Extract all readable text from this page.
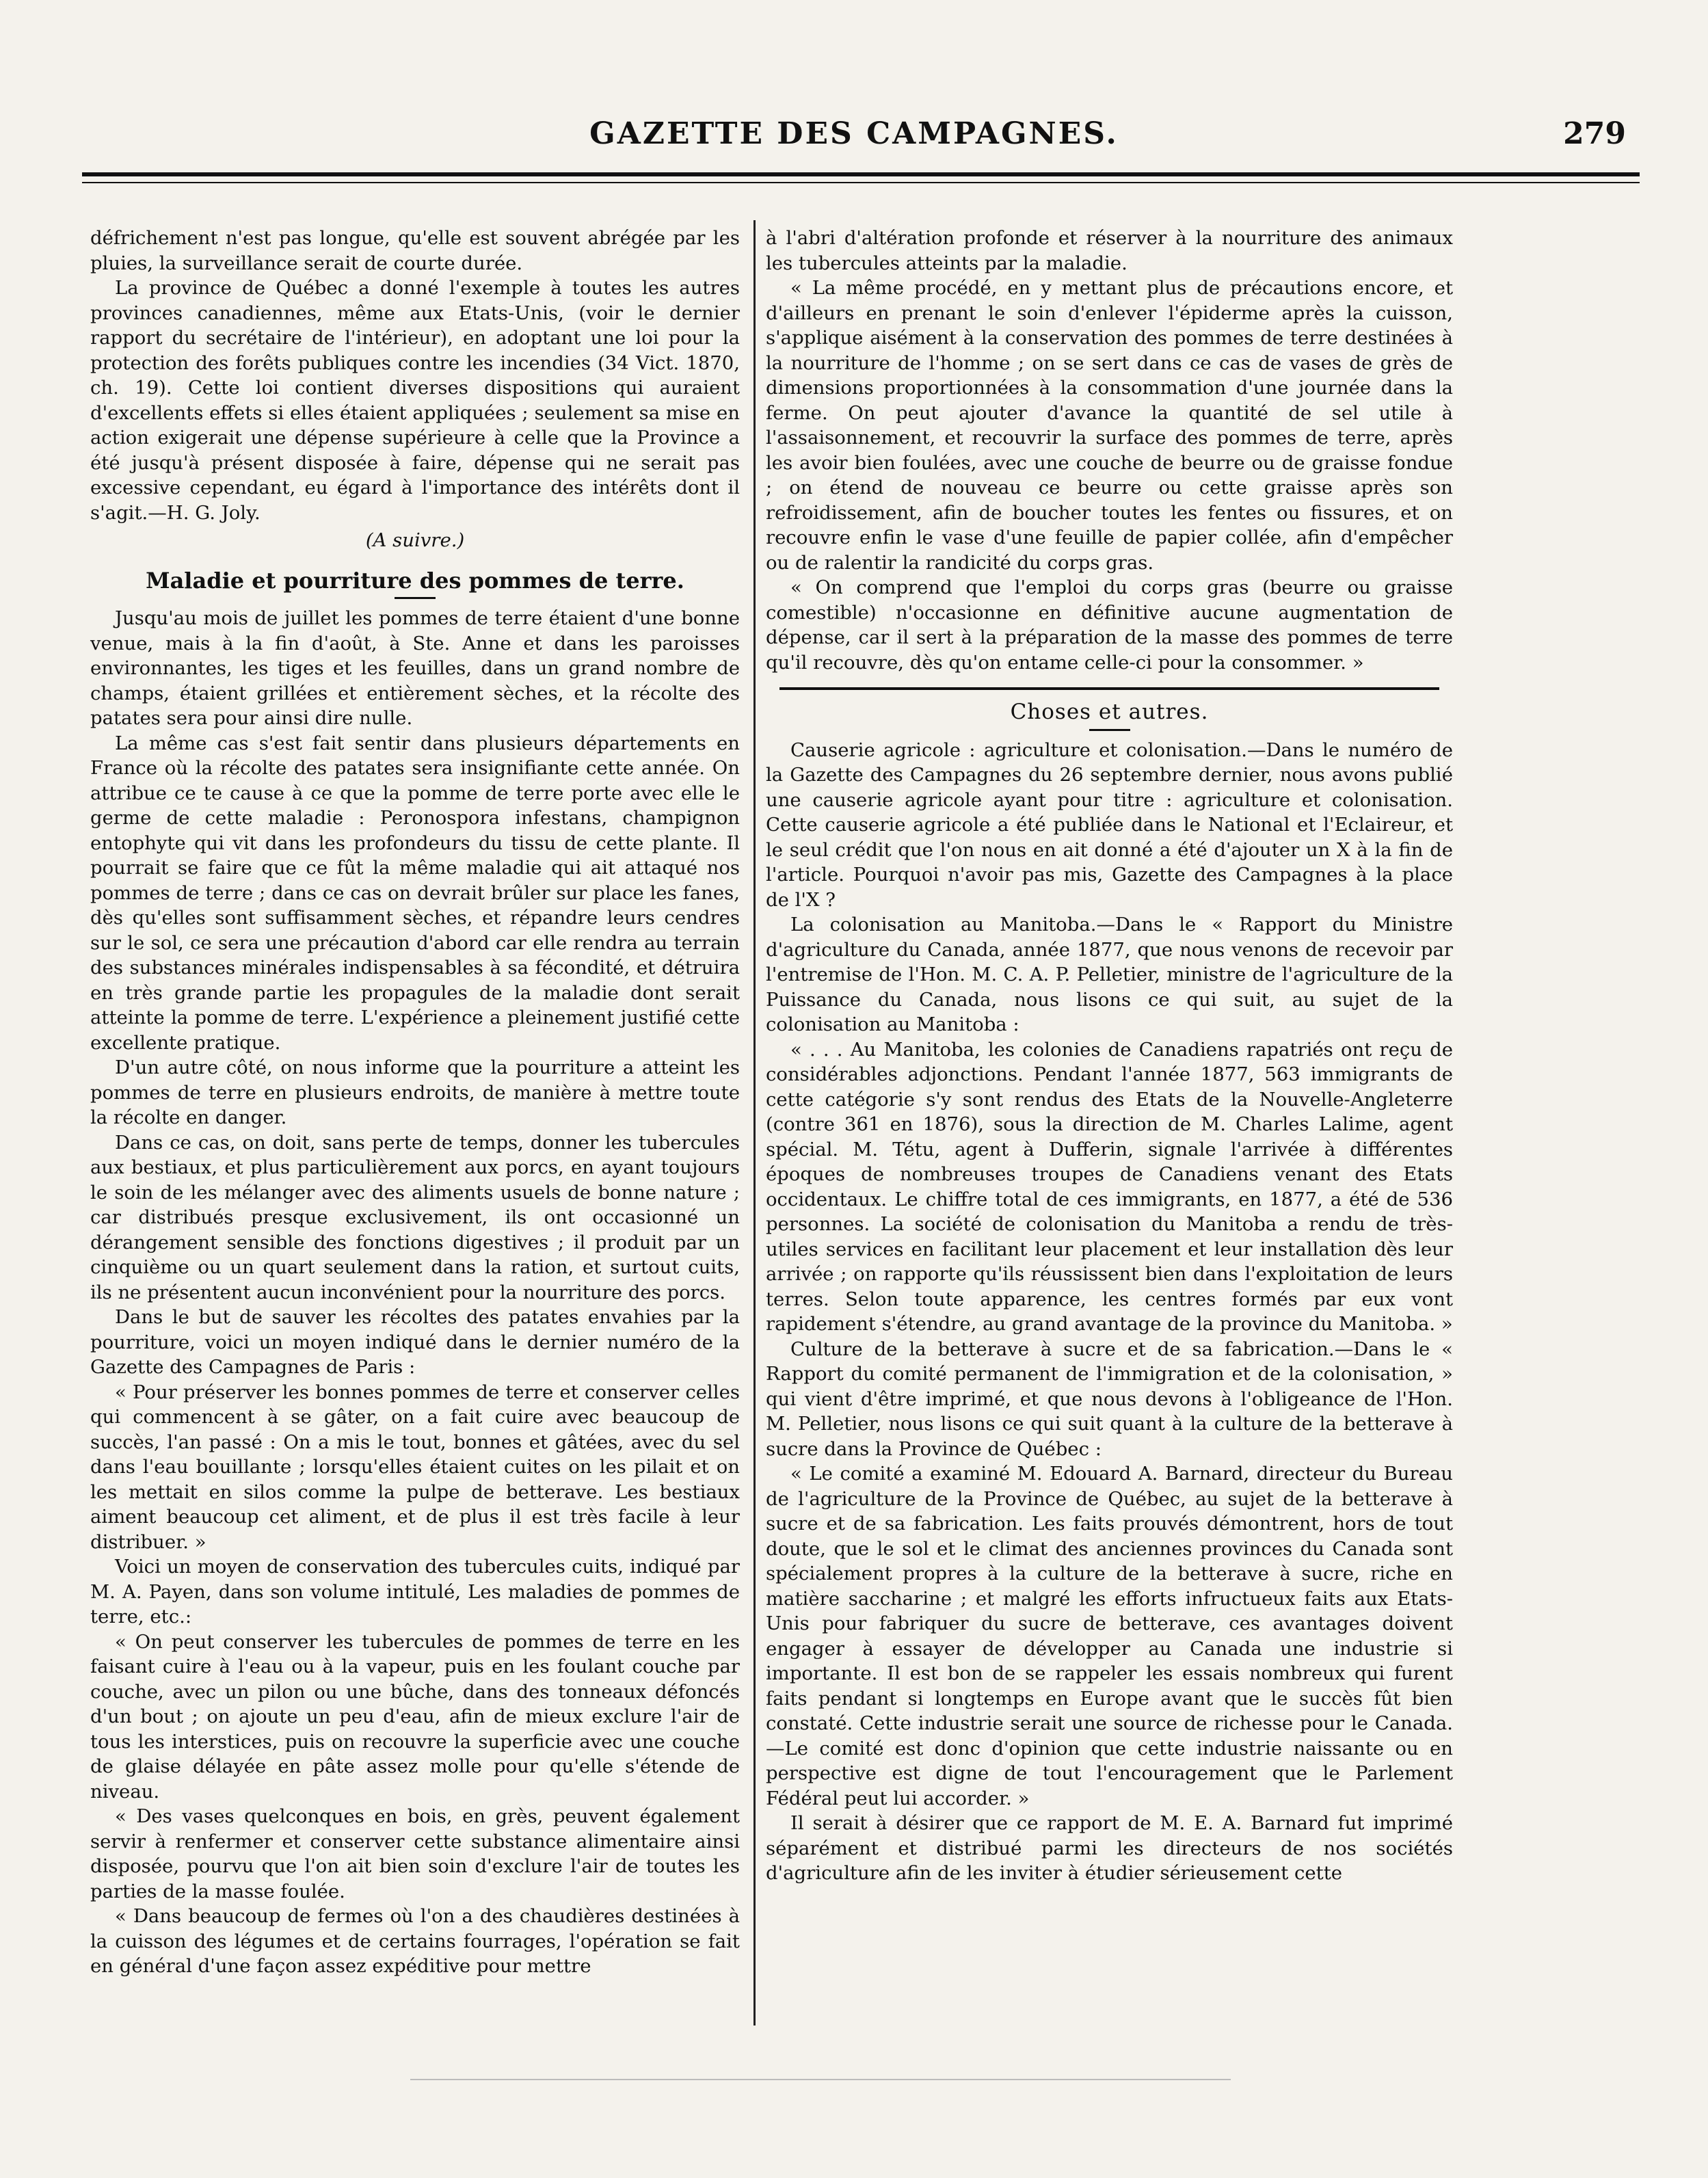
GAZETTE DES CAMPAGNES.	279

défrichement n'est pas longue, qu'elle est souvent abrégée par les pluies, la surveillance serait de courte durée.

La province de Québec a donné l'exemple à toutes les autres provinces canadiennes, même aux Etats-Unis, (voir le dernier rapport du secrétaire de l'intérieur), en adoptant une loi pour la protection des forêts publiques contre les incendies (34 Vict. 1870, ch. 19). Cette loi contient diverses dispositions qui auraient d'excellents effets si elles étaient appliquées ; seulement sa mise en action exigerait une dépense supérieure à celle que la Province a été jusqu'à présent disposée à faire, dépense qui ne serait pas excessive cependant, eu égard à l'importance des intérêts dont il s'agit.—H. G. Joly.

(A suivre.)
Maladie et pourriture des pommes de terre.

Jusqu'au mois de juillet les pommes de terre étaient d'une bonne venue, mais à la fin d'août, à Ste. Anne et dans les paroisses environnantes, les tiges et les feuilles, dans un grand nombre de champs, étaient grillées et entièrement sèches, et la récolte des patates sera pour ainsi dire nulle.

La même cas s'est fait sentir dans plusieurs départements en France où la récolte des patates sera insignifiante cette année. On attribue ce te cause à ce que la pomme de terre porte avec elle le germe de cette maladie : Peronospora infestans, champignon entophyte qui vit dans les profondeurs du tissu de cette plante. Il pourrait se faire que ce fût la même maladie qui ait attaqué nos pommes de terre ; dans ce cas on devrait brûler sur place les fanes, dès qu'elles sont suffisamment sèches, et répandre leurs cendres sur le sol, ce sera une précaution d'abord car elle rendra au terrain des substances minérales indispensables à sa fécondité, et détruira en très grande partie les propagules de la maladie dont serait atteinte la pomme de terre. L'expérience a pleinement justifié cette excellente pratique.

D'un autre côté, on nous informe que la pourriture a atteint les pommes de terre en plusieurs endroits, de manière à mettre toute la récolte en danger.

Dans ce cas, on doit, sans perte de temps, donner les tubercules aux bestiaux, et plus particulièrement aux porcs, en ayant toujours le soin de les mélanger avec des aliments usuels de bonne nature ; car distribués presque exclusivement, ils ont occasionné un dérangement sensible des fonctions digestives ; il produit par un cinquième ou un quart seulement dans la ration, et surtout cuits, ils ne présentent aucun inconvénient pour la nourriture des porcs.

Dans le but de sauver les récoltes des patates envahies par la pourriture, voici un moyen indiqué dans le dernier numéro de la Gazette des Campagnes de Paris :

« Pour préserver les bonnes pommes de terre et conserver celles qui commencent à se gâter, on a fait cuire avec beaucoup de succès, l'an passé : On a mis le tout, bonnes et gâtées, avec du sel dans l'eau bouillante ; lorsqu'elles étaient cuites on les pilait et on les mettait en silos comme la pulpe de betterave. Les bestiaux aiment beaucoup cet aliment, et de plus il est très facile à leur distribuer. »

Voici un moyen de conservation des tubercules cuits, indiqué par M. A. Payen, dans son volume intitulé, Les maladies de pommes de terre, etc.:

« On peut conserver les tubercules de pommes de terre en les faisant cuire à l'eau ou à la vapeur, puis en les foulant couche par couche, avec un pilon ou une bûche, dans des tonneaux défoncés d'un bout ; on ajoute un peu d'eau, afin de mieux exclure l'air de tous les interstices, puis on recouvre la superficie avec une couche de glaise délayée en pâte assez molle pour qu'elle s'étende de niveau.

« Des vases quelconques en bois, en grès, peuvent également servir à renfermer et conserver cette substance alimentaire ainsi disposée, pourvu que l'on ait bien soin d'exclure l'air de toutes les parties de la masse foulée.

« Dans beaucoup de fermes où l'on a des chaudières destinées à la cuisson des légumes et de certains fourrages, l'opération se fait en général d'une façon assez expéditive pour mettre

à l'abri d'altération profonde et réserver à la nourriture des animaux les tubercules atteints par la maladie.

« La même procédé, en y mettant plus de précautions encore, et d'ailleurs en prenant le soin d'enlever l'épiderme après la cuisson, s'applique aisément à la conservation des pommes de terre destinées à la nourriture de l'homme ; on se sert dans ce cas de vases de grès de dimensions proportionnées à la consommation d'une journée dans la ferme. On peut ajouter d'avance la quantité de sel utile à l'assaisonnement, et recouvrir la surface des pommes de terre, après les avoir bien foulées, avec une couche de beurre ou de graisse fondue ; on étend de nouveau ce beurre ou cette graisse après son refroidissement, afin de boucher toutes les fentes ou fissures, et on recouvre enfin le vase d'une feuille de papier collée, afin d'empêcher ou de ralentir la randicité du corps gras.

« On comprend que l'emploi du corps gras (beurre ou graisse comestible) n'occasionne en définitive aucune augmentation de dépense, car il sert à la préparation de la masse des pommes de terre qu'il recouvre, dès qu'on entame celle-ci pour la consommer. »

Choses et autres.

Causerie agricole : agriculture et colonisation.—Dans le numéro de la Gazette des Campagnes du 26 septembre dernier, nous avons publié une causerie agricole ayant pour titre : agriculture et colonisation. Cette causerie agricole a été publiée dans le National et l'Eclaireur, et le seul crédit que l'on nous en ait donné a été d'ajouter un X à la fin de l'article. Pourquoi n'avoir pas mis, Gazette des Campagnes à la place de l'X ?

La colonisation au Manitoba.—Dans le « Rapport du Ministre d'agriculture du Canada, année 1877, que nous venons de recevoir par l'entremise de l'Hon. M. C. A. P. Pelletier, ministre de l'agriculture de la Puissance du Canada, nous lisons ce qui suit, au sujet de la colonisation au Manitoba :

« . . . Au Manitoba, les colonies de Canadiens rapatriés ont reçu de considérables adjonctions. Pendant l'année 1877, 563 immigrants de cette catégorie s'y sont rendus des Etats de la Nouvelle-Angleterre (contre 361 en 1876), sous la direction de M. Charles Lalime, agent spécial. M. Tétu, agent à Dufferin, signale l'arrivée à différentes époques de nombreuses troupes de Canadiens venant des Etats occidentaux. Le chiffre total de ces immigrants, en 1877, a été de 536 personnes. La société de colonisation du Manitoba a rendu de très-utiles services en facilitant leur placement et leur installation dès leur arrivée ; on rapporte qu'ils réussissent bien dans l'exploitation de leurs terres. Selon toute apparence, les centres formés par eux vont rapidement s'étendre, au grand avantage de la province du Manitoba. »

Culture de la betterave à sucre et de sa fabrication.—Dans le « Rapport du comité permanent de l'immigration et de la colonisation, » qui vient d'être imprimé, et que nous devons à l'obligeance de l'Hon. M. Pelletier, nous lisons ce qui suit quant à la culture de la betterave à sucre dans la Province de Québec :

« Le comité a examiné M. Edouard A. Barnard, directeur du Bureau de l'agriculture de la Province de Québec, au sujet de la betterave à sucre et de sa fabrication. Les faits prouvés démontrent, hors de tout doute, que le sol et le climat des anciennes provinces du Canada sont spécialement propres à la culture de la betterave à sucre, riche en matière saccharine ; et malgré les efforts infructueux faits aux Etats-Unis pour fabriquer du sucre de betterave, ces avantages doivent engager à essayer de développer au Canada une industrie si importante. Il est bon de se rappeler les essais nombreux qui furent faits pendant si longtemps en Europe avant que le succès fût bien constaté. Cette industrie serait une source de richesse pour le Canada.—Le comité est donc d'opinion que cette industrie naissante ou en perspective est digne de tout l'encouragement que le Parlement Fédéral peut lui accorder. »

Il serait à désirer que ce rapport de M. E. A. Barnard fut imprimé séparément et distribué parmi les directeurs de nos sociétés d'agriculture afin de les inviter à étudier sérieusement cette
